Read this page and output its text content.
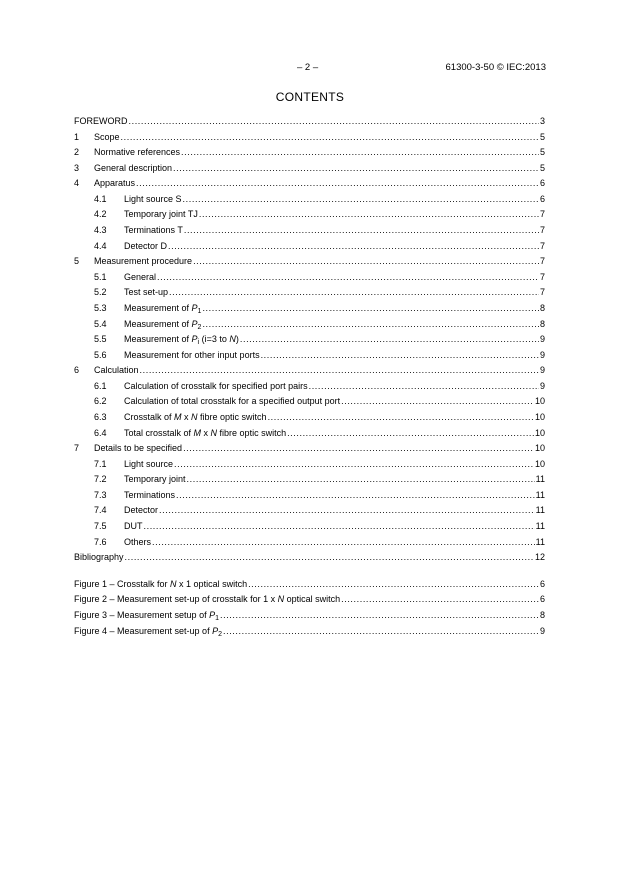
– 2 –	61300-3-50 © IEC:2013
CONTENTS
FOREWORD .....	3
1	Scope .....	5
2	Normative references .....	5
3	General description .....	5
4	Apparatus .....	6
4.1	Light source S .....	6
4.2	Temporary joint TJ .....	7
4.3	Terminations T .....	7
4.4	Detector D .....	7
5	Measurement procedure .....	7
5.1	General .....	7
5.2	Test set-up .....	7
5.3	Measurement of $P_1$ .....	8
5.4	Measurement of $P_2$ .....	8
5.5	Measurement of $P_i$ (i=3 to N) .....	9
5.6	Measurement for other input ports .....	9
6	Calculation .....	9
6.1	Calculation of crosstalk for specified port pairs .....	9
6.2	Calculation of total crosstalk for a specified output port .....	10
6.3	Crosstalk of M x N fibre optic switch .....	10
6.4	Total crosstalk of M x N fibre optic switch .....	10
7	Details to be specified .....	10
7.1	Light source .....	10
7.2	Temporary joint .....	11
7.3	Terminations .....	11
7.4	Detector .....	11
7.5	DUT .....	11
7.6	Others .....	11
Bibliography .....	12
Figure 1 – Crosstalk for N x 1 optical switch .....	6
Figure 2 – Measurement set-up of crosstalk for 1 x N optical switch .....	6
Figure 3 – Measurement setup of $P_1$ .....	8
Figure 4 – Measurement set-up of $P_2$ .....	9
